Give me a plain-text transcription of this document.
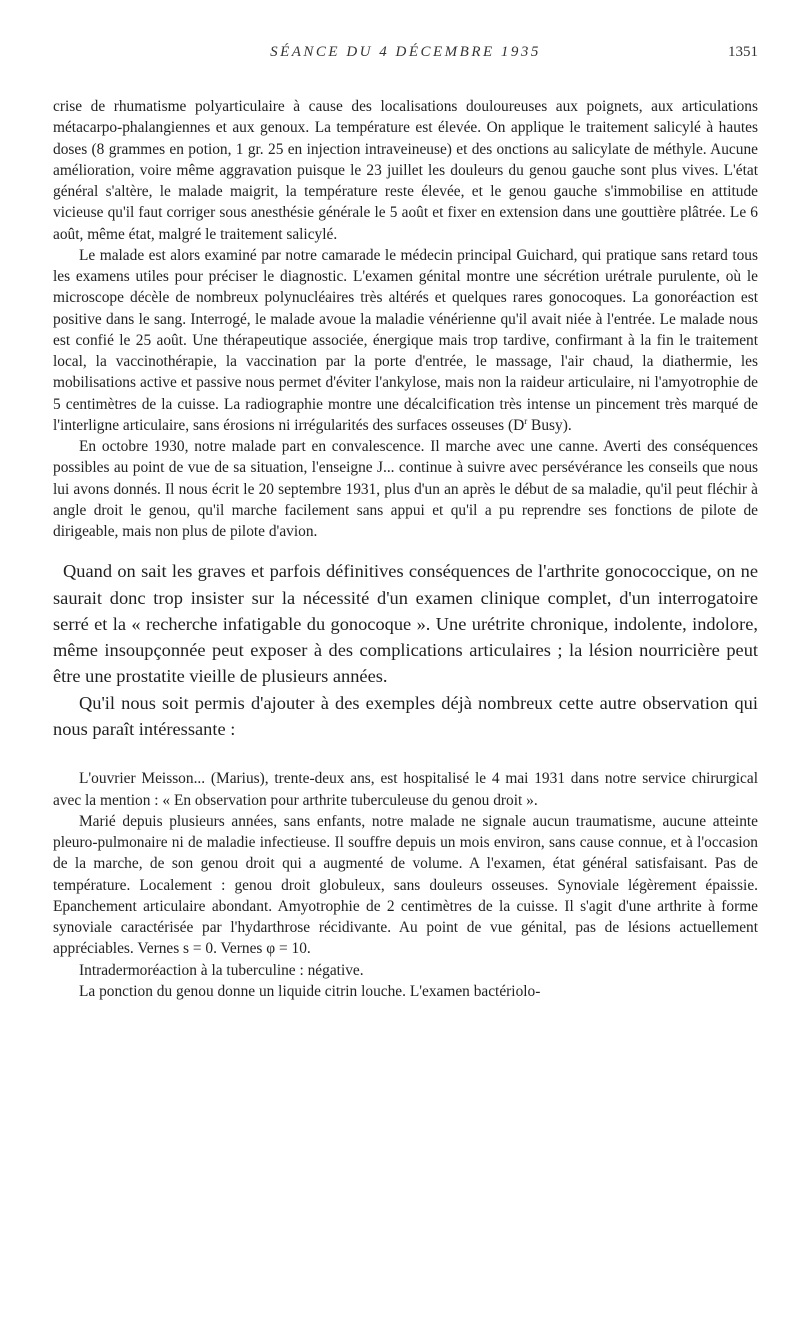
SÉANCE DU 4 DÉCEMBRE 1935	1351

crise de rhumatisme polyarticulaire à cause des localisations douloureuses aux poignets, aux articulations métacarpo-phalangiennes et aux genoux. La température est élevée. On applique le traitement salicylé à hautes doses (8 grammes en potion, 1 gr. 25 en injection intraveineuse) et des onctions au salicylate de méthyle. Aucune amélioration, voire même aggravation puisque le 23 juillet les douleurs du genou gauche sont plus vives. L'état général s'altère, le malade maigrit, la température reste élevée, et le genou gauche s'immobilise en attitude vicieuse qu'il faut corriger sous anesthésie générale le 5 août et fixer en extension dans une gouttière plâtrée. Le 6 août, même état, malgré le traitement salicylé.

Le malade est alors examiné par notre camarade le médecin principal Guichard, qui pratique sans retard tous les examens utiles pour préciser le diagnostic. L'examen génital montre une sécrétion urétrale purulente, où le microscope décèle de nombreux polynucléaires très altérés et quelques rares gonocoques. La gonoréaction est positive dans le sang. Interrogé, le malade avoue la maladie vénérienne qu'il avait niée à l'entrée. Le malade nous est confié le 25 août. Une thérapeutique associée, énergique mais trop tardive, confirmant à la fin le traitement local, la vaccinothérapie, la vaccination par la porte d'entrée, le massage, l'air chaud, la diathermie, les mobilisations active et passive nous permet d'éviter l'ankylose, mais non la raideur articulaire, ni l'amyotrophie de 5 centimètres de la cuisse. La radiographie montre une décalcification très intense un pincement très marqué de l'interligne articulaire, sans érosions ni irrégularités des surfaces osseuses ($D^r$ Busy).

En octobre 1930, notre malade part en convalescence. Il marche avec une canne. Averti des conséquences possibles au point de vue de sa situation, l'enseigne J... continue à suivre avec persévérance les conseils que nous lui avons donnés. Il nous écrit le 20 septembre 1931, plus d'un an après le début de sa maladie, qu'il peut fléchir à angle droit le genou, qu'il marche facilement sans appui et qu'il a pu reprendre ses fonctions de pilote de dirigeable, mais non plus de pilote d'avion.

Quand on sait les graves et parfois définitives conséquences de l'arthrite gonococcique, on ne saurait donc trop insister sur la nécessité d'un examen clinique complet, d'un interrogatoire serré et la « recherche infatigable du gonocoque ». Une urétrite chronique, indolente, indolore, même insoupçonnée peut exposer à des complications articulaires ; la lésion nourricière peut être une prostatite vieille de plusieurs années.

Qu'il nous soit permis d'ajouter à des exemples déjà nombreux cette autre observation qui nous paraît intéressante :

L'ouvrier Meisson... (Marius), trente-deux ans, est hospitalisé le 4 mai 1931 dans notre service chirurgical avec la mention : « En observation pour arthrite tuberculeuse du genou droit ».

Marié depuis plusieurs années, sans enfants, notre malade ne signale aucun traumatisme, aucune atteinte pleuro-pulmonaire ni de maladie infectieuse. Il souffre depuis un mois environ, sans cause connue, et à l'occasion de la marche, de son genou droit qui a augmenté de volume. A l'examen, état général satisfaisant. Pas de température. Localement : genou droit globuleux, sans douleurs osseuses. Synoviale légèrement épaissie. Epanchement articulaire abondant. Amyotrophie de 2 centimètres de la cuisse. Il s'agit d'une arthrite à forme synoviale caractérisée par l'hydarthrose récidivante. Au point de vue génital, pas de lésions actuellement appréciables. Vernes s = 0. Vernes φ = 10.

Intradermoréaction à la tuberculine : négative.

La ponction du genou donne un liquide citrin louche. L'examen bactériolo-
